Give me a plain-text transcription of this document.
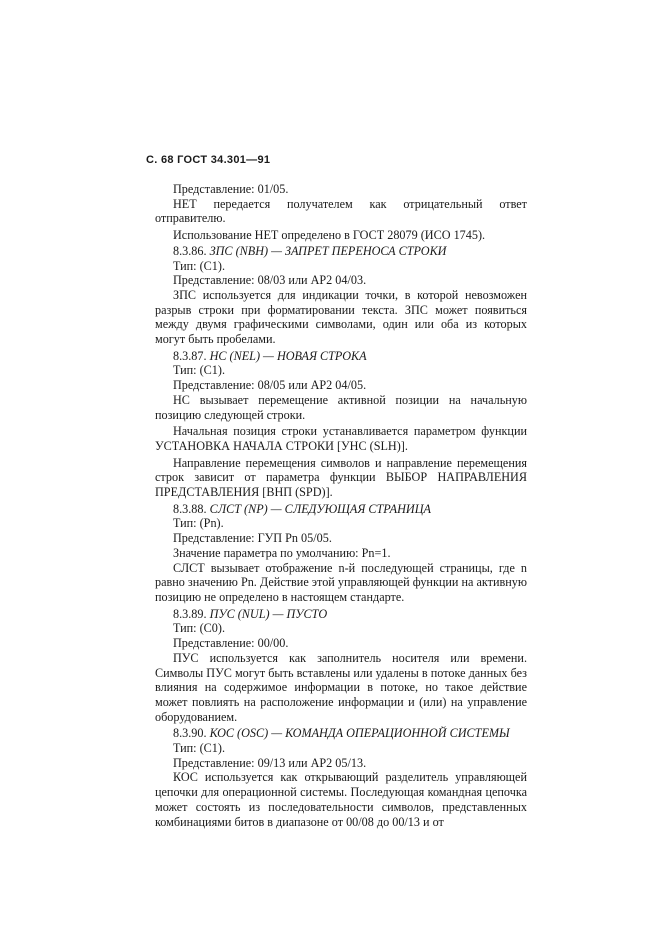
С. 68 ГОСТ 34.301—91

Представление: 01/05.

НЕТ передается получателем как отрицательный ответ отправителю.

Использование НЕТ определено в ГОСТ 28079 (ИСО 1745).

8.3.86. ЗПС (NBH) — ЗАПРЕТ ПЕРЕНОСА СТРОКИ

Тип: (C1).

Представление: 08/03 или AP2 04/03.

ЗПС используется для индикации точки, в которой невозможен разрыв строки при форматировании текста. ЗПС может появиться между двумя графическими символами, один или оба из которых могут быть пробелами.

8.3.87. НС (NEL) — НОВАЯ СТРОКА

Тип: (C1).

Представление: 08/05 или AP2 04/05.

НС вызывает перемещение активной позиции на начальную позицию следующей строки.

Начальная позиция строки устанавливается параметром функции УСТАНОВКА НАЧАЛА СТРОКИ [УНС (SLH)].

Направление перемещения символов и направление перемещения строк зависит от параметра функции ВЫБОР НАПРАВЛЕНИЯ ПРЕДСТАВЛЕНИЯ [ВНП (SPD)].

8.3.88. СЛСТ (NP) — СЛЕДУЮЩАЯ СТРАНИЦА

Тип: (Pn).

Представление: ГУП Pn 05/05.

Значение параметра по умолчанию: Pn=1.

СЛСТ вызывает отображение n-й последующей страницы, где n равно значению Pn. Действие этой управляющей функции на активную позицию не определено в настоящем стандарте.

8.3.89. ПУС (NUL) — ПУСТО

Тип: (C0).

Представление: 00/00.

ПУС используется как заполнитель носителя или времени. Символы ПУС могут быть вставлены или удалены в потоке данных без влияния на содержимое информации в потоке, но такое действие может повлиять на расположение информации и (или) на управление оборудованием.

8.3.90. КОС (OSC) — КОМАНДА ОПЕРАЦИОННОЙ СИСТЕМЫ

Тип: (C1).

Представление: 09/13 или AP2 05/13.

КОС используется как открывающий разделитель управляющей цепочки для операционной системы. Последующая командная цепочка может состоять из последовательности символов, представленных комбинациями битов в диапазоне от 00/08 до 00/13 и от
